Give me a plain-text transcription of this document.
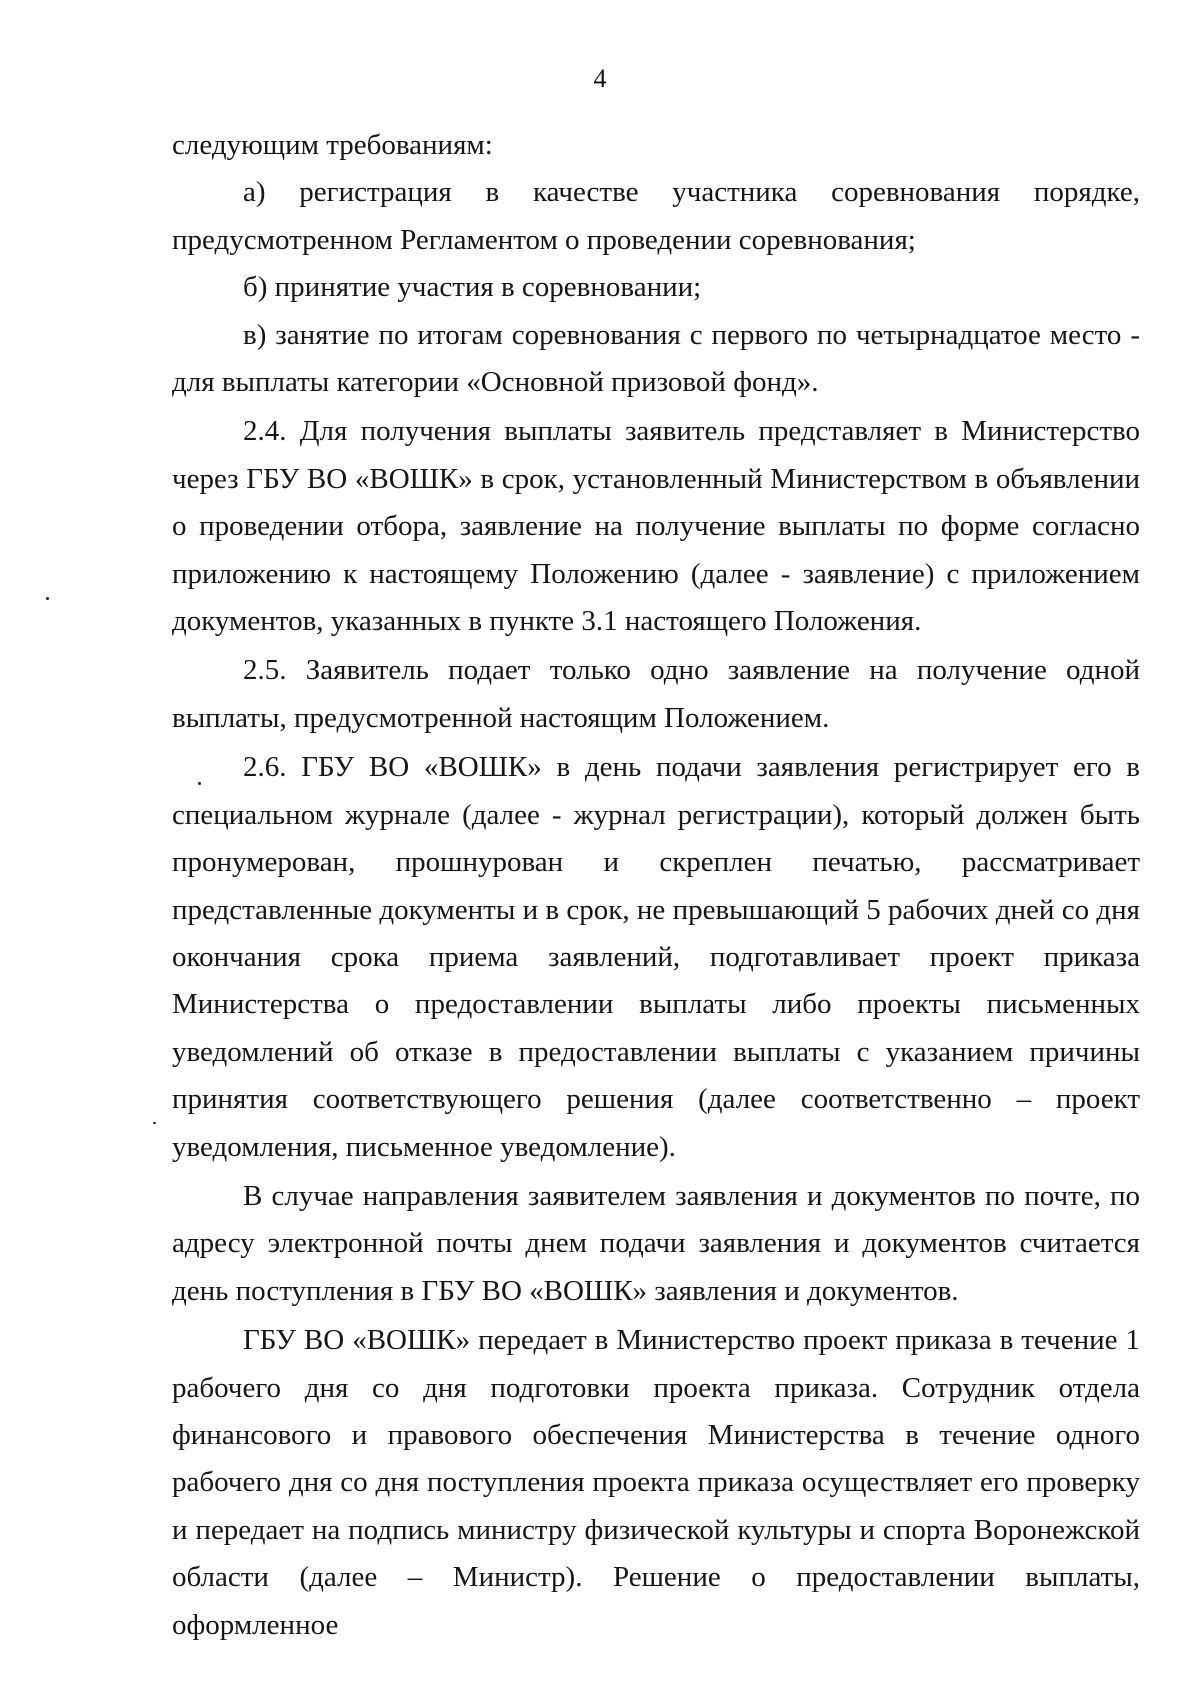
4

следующим требованиям:

а) регистрация в качестве участника соревнования порядке, предусмотренном Регламентом о проведении соревнования;

б) принятие участия в соревновании;

в) занятие по итогам соревнования с первого по четырнадцатое место - для выплаты категории «Основной призовой фонд».

2.4. Для получения выплаты заявитель представляет в Министерство через ГБУ ВО «ВОШК» в срок, установленный Министерством в объявлении о проведении отбора, заявление на получение выплаты по форме согласно приложению к настоящему Положению (далее - заявление) с приложением документов, указанных в пункте 3.1 настоящего Положения.

2.5. Заявитель подает только одно заявление на получение одной выплаты, предусмотренной настоящим Положением.

2.6. ГБУ ВО «ВОШК» в день подачи заявления регистрирует его в специальном журнале (далее - журнал регистрации), который должен быть пронумерован, прошнурован и скреплен печатью, рассматривает представленные документы и в срок, не превышающий 5 рабочих дней со дня окончания срока приема заявлений, подготавливает проект приказа Министерства о предоставлении выплаты либо проекты письменных уведомлений об отказе в предоставлении выплаты с указанием причины принятия соответствующего решения (далее соответственно – проект уведомления, письменное уведомление).

В случае направления заявителем заявления и документов по почте, по адресу электронной почты днем подачи заявления и документов считается день поступления в ГБУ ВО «ВОШК» заявления и документов.

ГБУ ВО «ВОШК» передает в Министерство проект приказа в течение 1 рабочего дня со дня подготовки проекта приказа. Сотрудник отдела финансового и правового обеспечения Министерства в течение одного рабочего дня со дня поступления проекта приказа осуществляет его проверку и передает на подпись министру физической культуры и спорта Воронежской области (далее – Министр). Решение о предоставлении выплаты, оформленное
